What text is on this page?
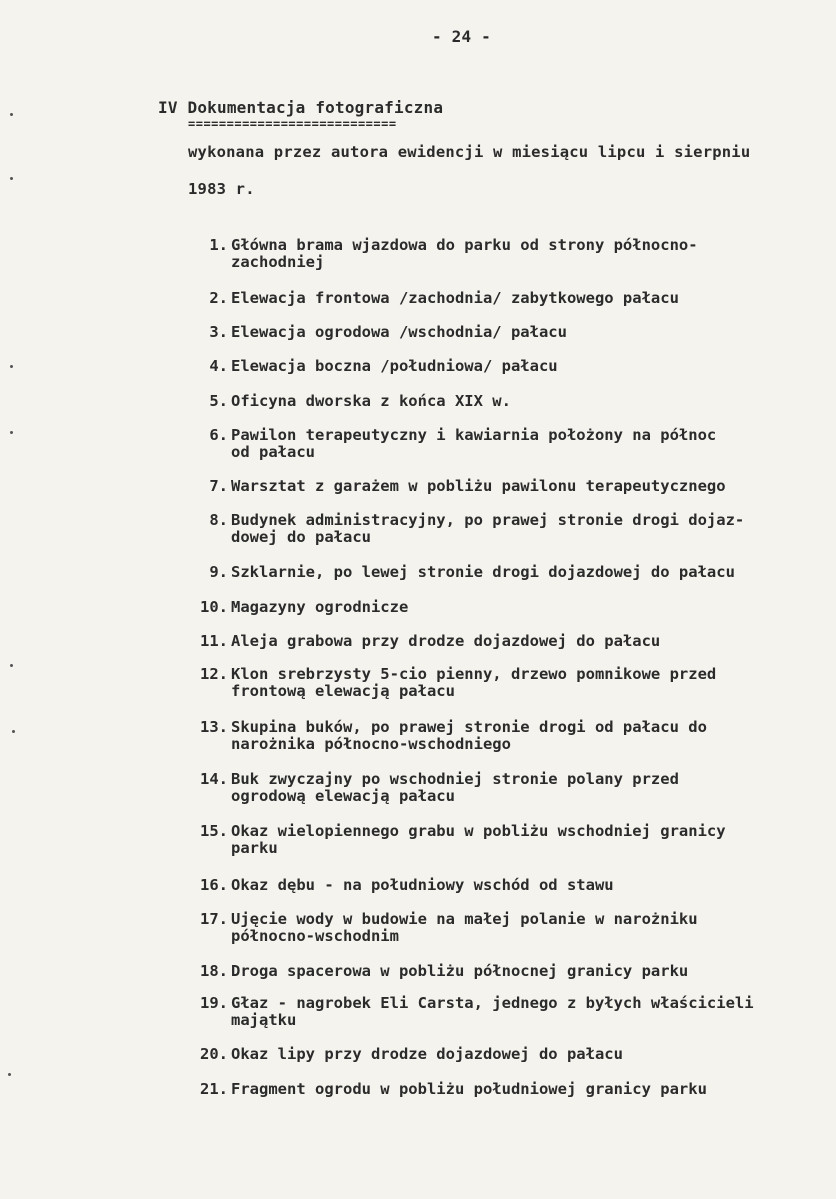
- 24 -
IV Dokumentacja fotograficzna
===========================
wykonana przez autora ewidencji w miesiącu lipcu i sierpniu
1983 r.
1. Główna brama wjazdowa do parku od strony północno-
zachodniej
2. Elewacja frontowa /zachodnia/ zabytkowego pałacu
3. Elewacja ogrodowa /wschodnia/ pałacu
4. Elewacja boczna /południowa/ pałacu
5. Oficyna dworska z końca XIX w.
6. Pawilon terapeutyczny i kawiarnia położony na północ
od pałacu
7. Warsztat z garażem w pobliżu pawilonu terapeutycznego
8. Budynek administracyjny, po prawej stronie drogi dojaz-
dowej do pałacu
9. Szklarnie, po lewej stronie drogi dojazdowej do pałacu
10. Magazyny ogrodnicze
11. Aleja grabowa przy drodze dojazdowej do pałacu
12. Klon srebrzysty 5-cio pienny, drzewo pomnikowe przed
frontową elewacją pałacu
13. Skupina buków, po prawej stronie drogi od pałacu do
narożnika północno-wschodniego
14. Buk zwyczajny po wschodniej stronie polany przed
ogrodową elewacją pałacu
15. Okaz wielopiennego grabu w pobliżu wschodniej granicy
parku
16. Okaz dębu - na południowy wschód od stawu
17. Ujęcie wody w budowie na małej polanie w narożniku
północno-wschodnim
18. Droga spacerowa w pobliżu północnej granicy parku
19. Głaz - nagrobek Eli Carsta, jednego z byłych właścicieli
majątku
20. Okaz lipy przy drodze dojazdowej do pałacu
21. Fragment ogrodu w pobliżu południowej granicy parku
